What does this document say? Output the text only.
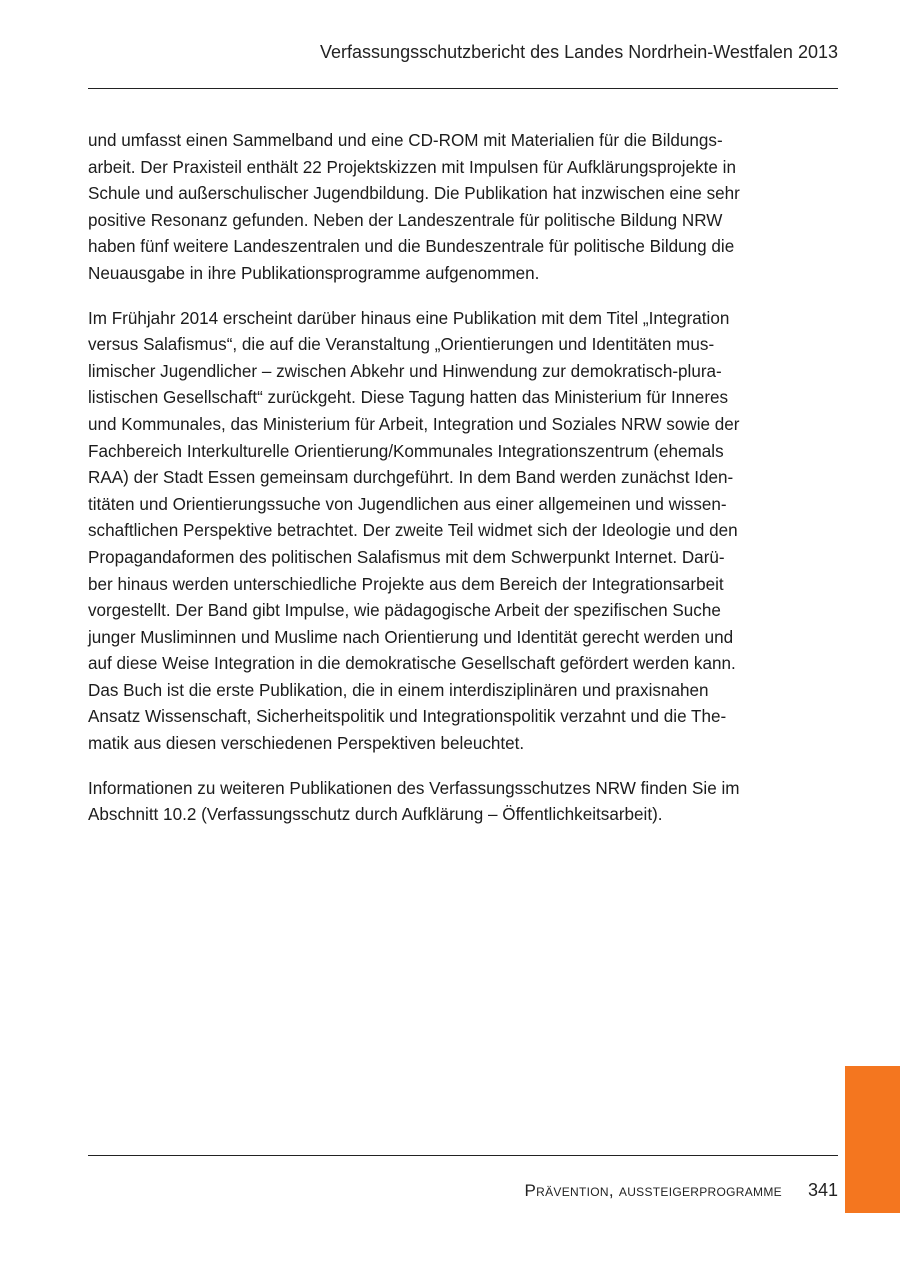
Verfassungsschutzbericht des Landes Nordrhein-Westfalen 2013

und umfasst einen Sammelband und eine CD-ROM mit Materialien für die Bildungs-
arbeit. Der Praxisteil enthält 22 Projektskizzen mit Impulsen für Aufklärungsprojekte in
Schule und außerschulischer Jugendbildung. Die Publikation hat inzwischen eine sehr
positive Resonanz gefunden. Neben der Landeszentrale für politische Bildung NRW
haben fünf weitere Landeszentralen und die Bundeszentrale für politische Bildung die
Neuausgabe in ihre Publikationsprogramme aufgenommen.

Im Frühjahr 2014 erscheint darüber hinaus eine Publikation mit dem Titel „Integration
versus Salafismus“, die auf die Veranstaltung „Orientierungen und Identitäten mus-
limischer Jugendlicher – zwischen Abkehr und Hinwendung zur demokratisch-plura-
listischen Gesellschaft“ zurückgeht. Diese Tagung hatten das Ministerium für Inneres
und Kommunales, das Ministerium für Arbeit, Integration und Soziales NRW sowie der
Fachbereich Interkulturelle Orientierung/Kommunales Integrationszentrum (ehemals
RAA) der Stadt Essen gemeinsam durchgeführt. In dem Band werden zunächst Iden-
titäten und Orientierungssuche von Jugendlichen aus einer allgemeinen und wissen-
schaftlichen Perspektive betrachtet. Der zweite Teil widmet sich der Ideologie und den
Propagandaformen des politischen Salafismus mit dem Schwerpunkt Internet. Darü-
ber hinaus werden unterschiedliche Projekte aus dem Bereich der Integrationsarbeit
vorgestellt. Der Band gibt Impulse, wie pädagogische Arbeit der spezifischen Suche
junger Musliminnen und Muslime nach Orientierung und Identität gerecht werden und
auf diese Weise Integration in die demokratische Gesellschaft gefördert werden kann.
Das Buch ist die erste Publikation, die in einem interdisziplinären und praxisnahen
Ansatz Wissenschaft, Sicherheitspolitik und Integrationspolitik verzahnt und die The-
matik aus diesen verschiedenen Perspektiven beleuchtet.

Informationen zu weiteren Publikationen des Verfassungsschutzes NRW finden Sie im
Abschnitt 10.2 (Verfassungsschutz durch Aufklärung – Öffentlichkeitsarbeit).

Prävention, aussteigerprogramme 341
